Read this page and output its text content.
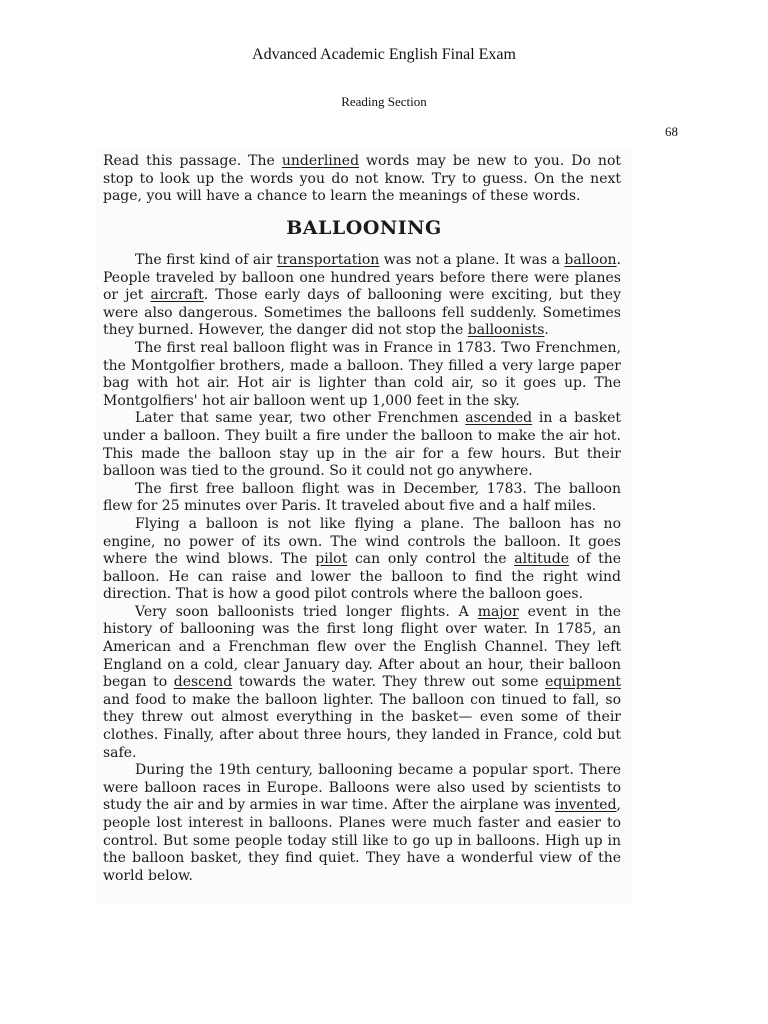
Advanced Academic English Final Exam
Reading Section
68

Read this passage. The underlined words may be new to you. Do not stop to look up the words you do not know. Try to guess. On the next page, you will have a chance to learn the meanings of these words.

BALLOONING

The first kind of air transportation was not a plane. It was a balloon. People traveled by balloon one hundred years before there were planes or jet aircraft. Those early days of ballooning were exciting, but they were also dangerous. Sometimes the balloons fell suddenly. Sometimes they burned. However, the danger did not stop the balloonists.

The first real balloon flight was in France in 1783. Two Frenchmen, the Montgolfier brothers, made a balloon. They filled a very large paper bag with hot air. Hot air is lighter than cold air, so it goes up. The Montgolfiers' hot air balloon went up 1,000 feet in the sky.

Later that same year, two other Frenchmen ascended in a basket under a balloon. They built a fire under the balloon to make the air hot. This made the balloon stay up in the air for a few hours. But their balloon was tied to the ground. So it could not go anywhere.

The first free balloon flight was in December, 1783. The balloon flew for 25 minutes over Paris. It traveled about five and a half miles.

Flying a balloon is not like flying a plane. The balloon has no engine, no power of its own. The wind controls the balloon. It goes where the wind blows. The pilot can only control the altitude of the balloon. He can raise and lower the balloon to find the right wind direction. That is how a good pilot controls where the balloon goes.

Very soon balloonists tried longer flights. A major event in the history of ballooning was the first long flight over water. In 1785, an American and a Frenchman flew over the English Channel. They left England on a cold, clear January day. After about an hour, their balloon began to descend towards the water. They threw out some equipment and food to make the balloon lighter. The balloon con tinued to fall, so they threw out almost everything in the basket— even some of their clothes. Finally, after about three hours, they landed in France, cold but safe.

During the 19th century, ballooning became a popular sport. There were balloon races in Europe. Balloons were also used by scientists to study the air and by armies in war time. After the airplane was invented, people lost interest in balloons. Planes were much faster and easier to control. But some people today still like to go up in balloons. High up in the balloon basket, they find quiet. They have a wonderful view of the world below.
